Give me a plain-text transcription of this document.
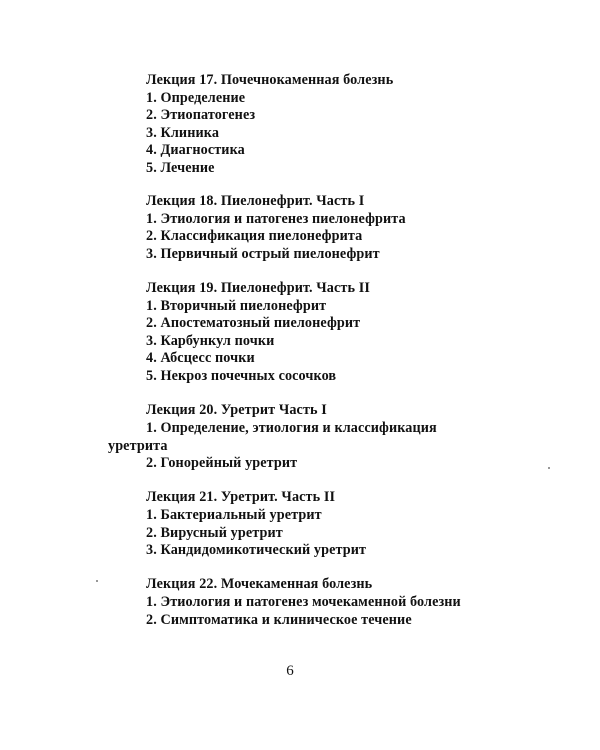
Лекция 17. Почечнокаменная болезнь
1. Определение
2. Этиопатогенез
3. Клиника
4. Диагностика
5. Лечение
Лекция 18. Пиелонефрит. Часть I
1. Этиология и патогенез пиелонефрита
2. Классификация пиелонефрита
3. Первичный острый пиелонефрит
Лекция 19. Пиелонефрит. Часть II
1. Вторичный пиелонефрит
2. Апостематозный пиелонефрит
3. Карбункул почки
4. Абсцесс почки
5. Некроз почечных сосочков
Лекция 20. Уретрит Часть I
1. Определение, этиология и классификация
уретрита
2. Гонорейный уретрит
Лекция 21. Уретрит. Часть II
1. Бактериальный уретрит
2. Вирусный уретрит
3. Кандидомикотический уретрит
Лекция 22. Мочекаменная болезнь
1. Этиология и патогенез мочекаменной болезни
2. Симптоматика и клиническое течение
6
